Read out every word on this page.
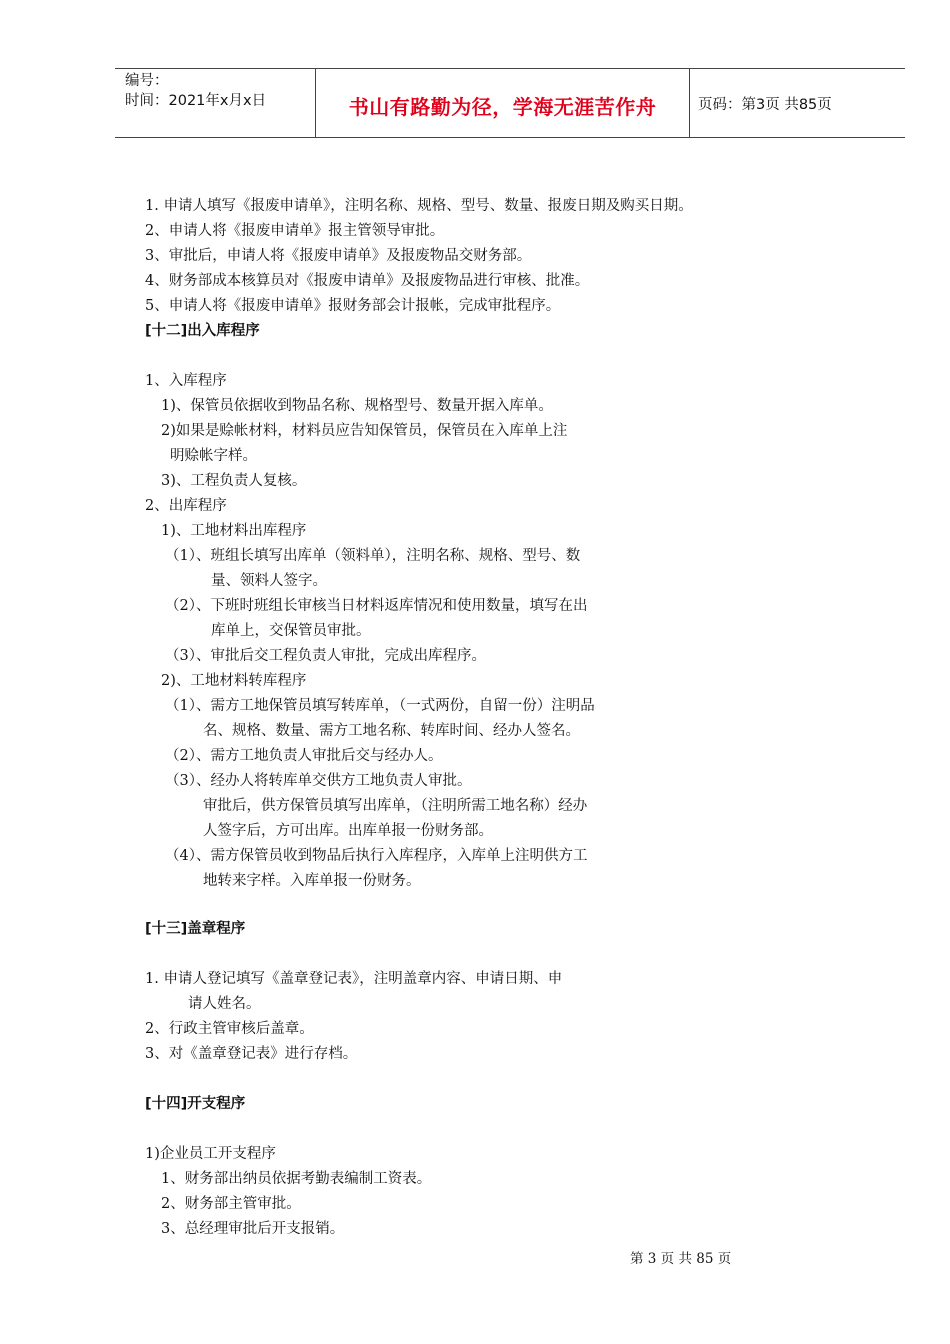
编号：
时间：2021年x月x日	书山有路勤为径，学海无涯苦作舟	页码：第3页 共85页
1. 申请人填写《报废申请单》，注明名称、规格、型号、数量、报废日期及购买日期。
2、申请人将《报废申请单》报主管领导审批。
3、审批后，申请人将《报废申请单》及报废物品交财务部。
4、财务部成本核算员对《报废申请单》及报废物品进行审核、批准。
5、申请人将《报废申请单》报财务部会计报帐，完成审批程序。
[十二]出入库程序
1、入库程序
1)、保管员依据收到物品名称、规格型号、数量开据入库单。
2)如果是赊帐材料，材料员应告知保管员，保管员在入库单上注
明赊帐字样。
3)、工程负责人复核。
2、出库程序
1)、工地材料出库程序
（1）、班组长填写出库单（领料单），注明名称、规格、型号、数
量、领料人签字。
（2）、下班时班组长审核当日材料返库情况和使用数量，填写在出
库单上，交保管员审批。
（3）、审批后交工程负责人审批，完成出库程序。
2)、工地材料转库程序
（1）、需方工地保管员填写转库单，（一式两份，自留一份）注明品
名、规格、数量、需方工地名称、转库时间、经办人签名。
（2）、需方工地负责人审批后交与经办人。
（3）、经办人将转库单交供方工地负责人审批。
审批后，供方保管员填写出库单，（注明所需工地名称）经办
人签字后，方可出库。出库单报一份财务部。
（4）、需方保管员收到物品后执行入库程序，入库单上注明供方工
地转来字样。入库单报一份财务。
[十三]盖章程序
1. 申请人登记填写《盖章登记表》，注明盖章内容、申请日期、申
请人姓名。
2、行政主管审核后盖章。
3、对《盖章登记表》进行存档。
[十四]开支程序
1)企业员工开支程序
1、财务部出纳员依据考勤表编制工资表。
2、财务部主管审批。
3、总经理审批后开支报销。
第 3 页 共 85 页
